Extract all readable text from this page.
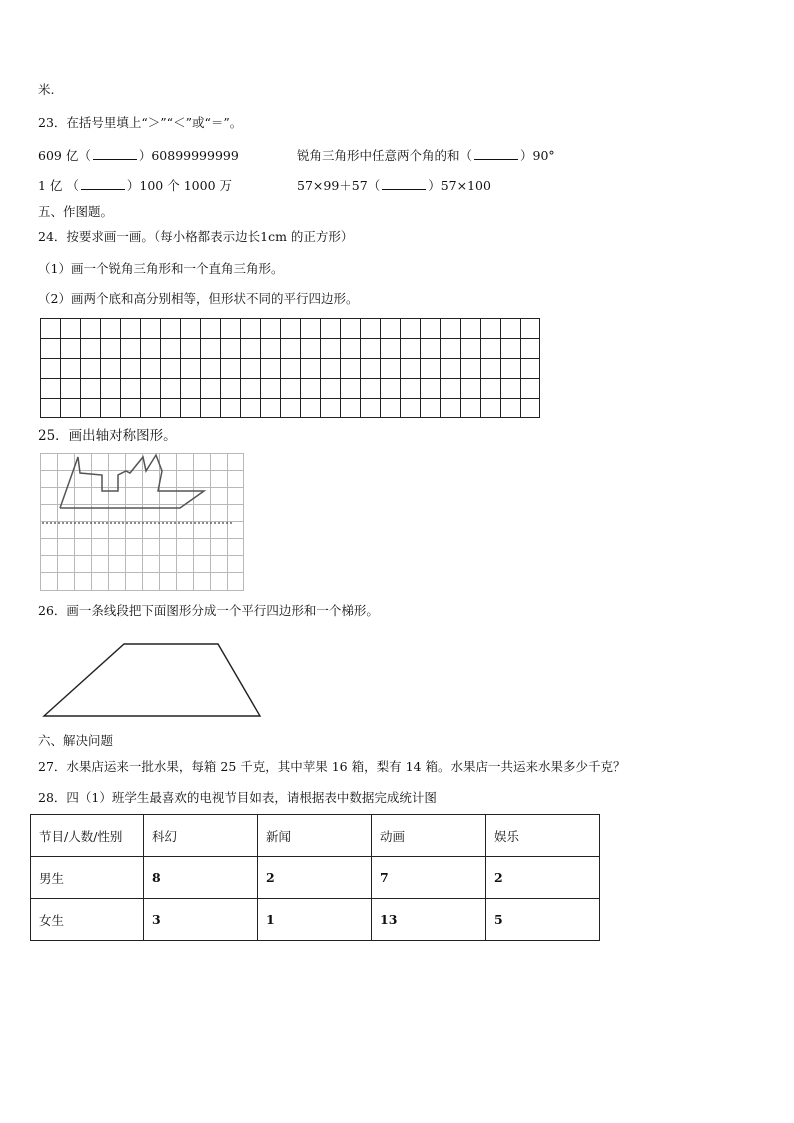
米.
23．在括号里填上“＞”“＜”或“＝”。
609 亿（	）60899999999	锐角三角形中任意两个角的和（	）90°
1 亿 （	）100 个 1000 万	57×99＋57（	）57×100
五、作图题。
24．按要求画一画。（每小格都表示边长1cm 的正方形）
（1）画一个锐角三角形和一个直角三角形。
（2）画两个底和高分别相等，但形状不同的平行四边形。
25．画出轴对称图形。
26．画一条线段把下面图形分成一个平行四边形和一个梯形。
六、解决问题
27．水果店运来一批水果，每箱 25 千克，其中苹果 16 箱，梨有 14 箱。水果店一共运来水果多少千克？
28．四（1）班学生最喜欢的电视节目如表，请根据表中数据完成统计图
节目/人数/性别	科幻	新闻	动画	娱乐
男生	8	2	7	2
女生	3	1	13	5
